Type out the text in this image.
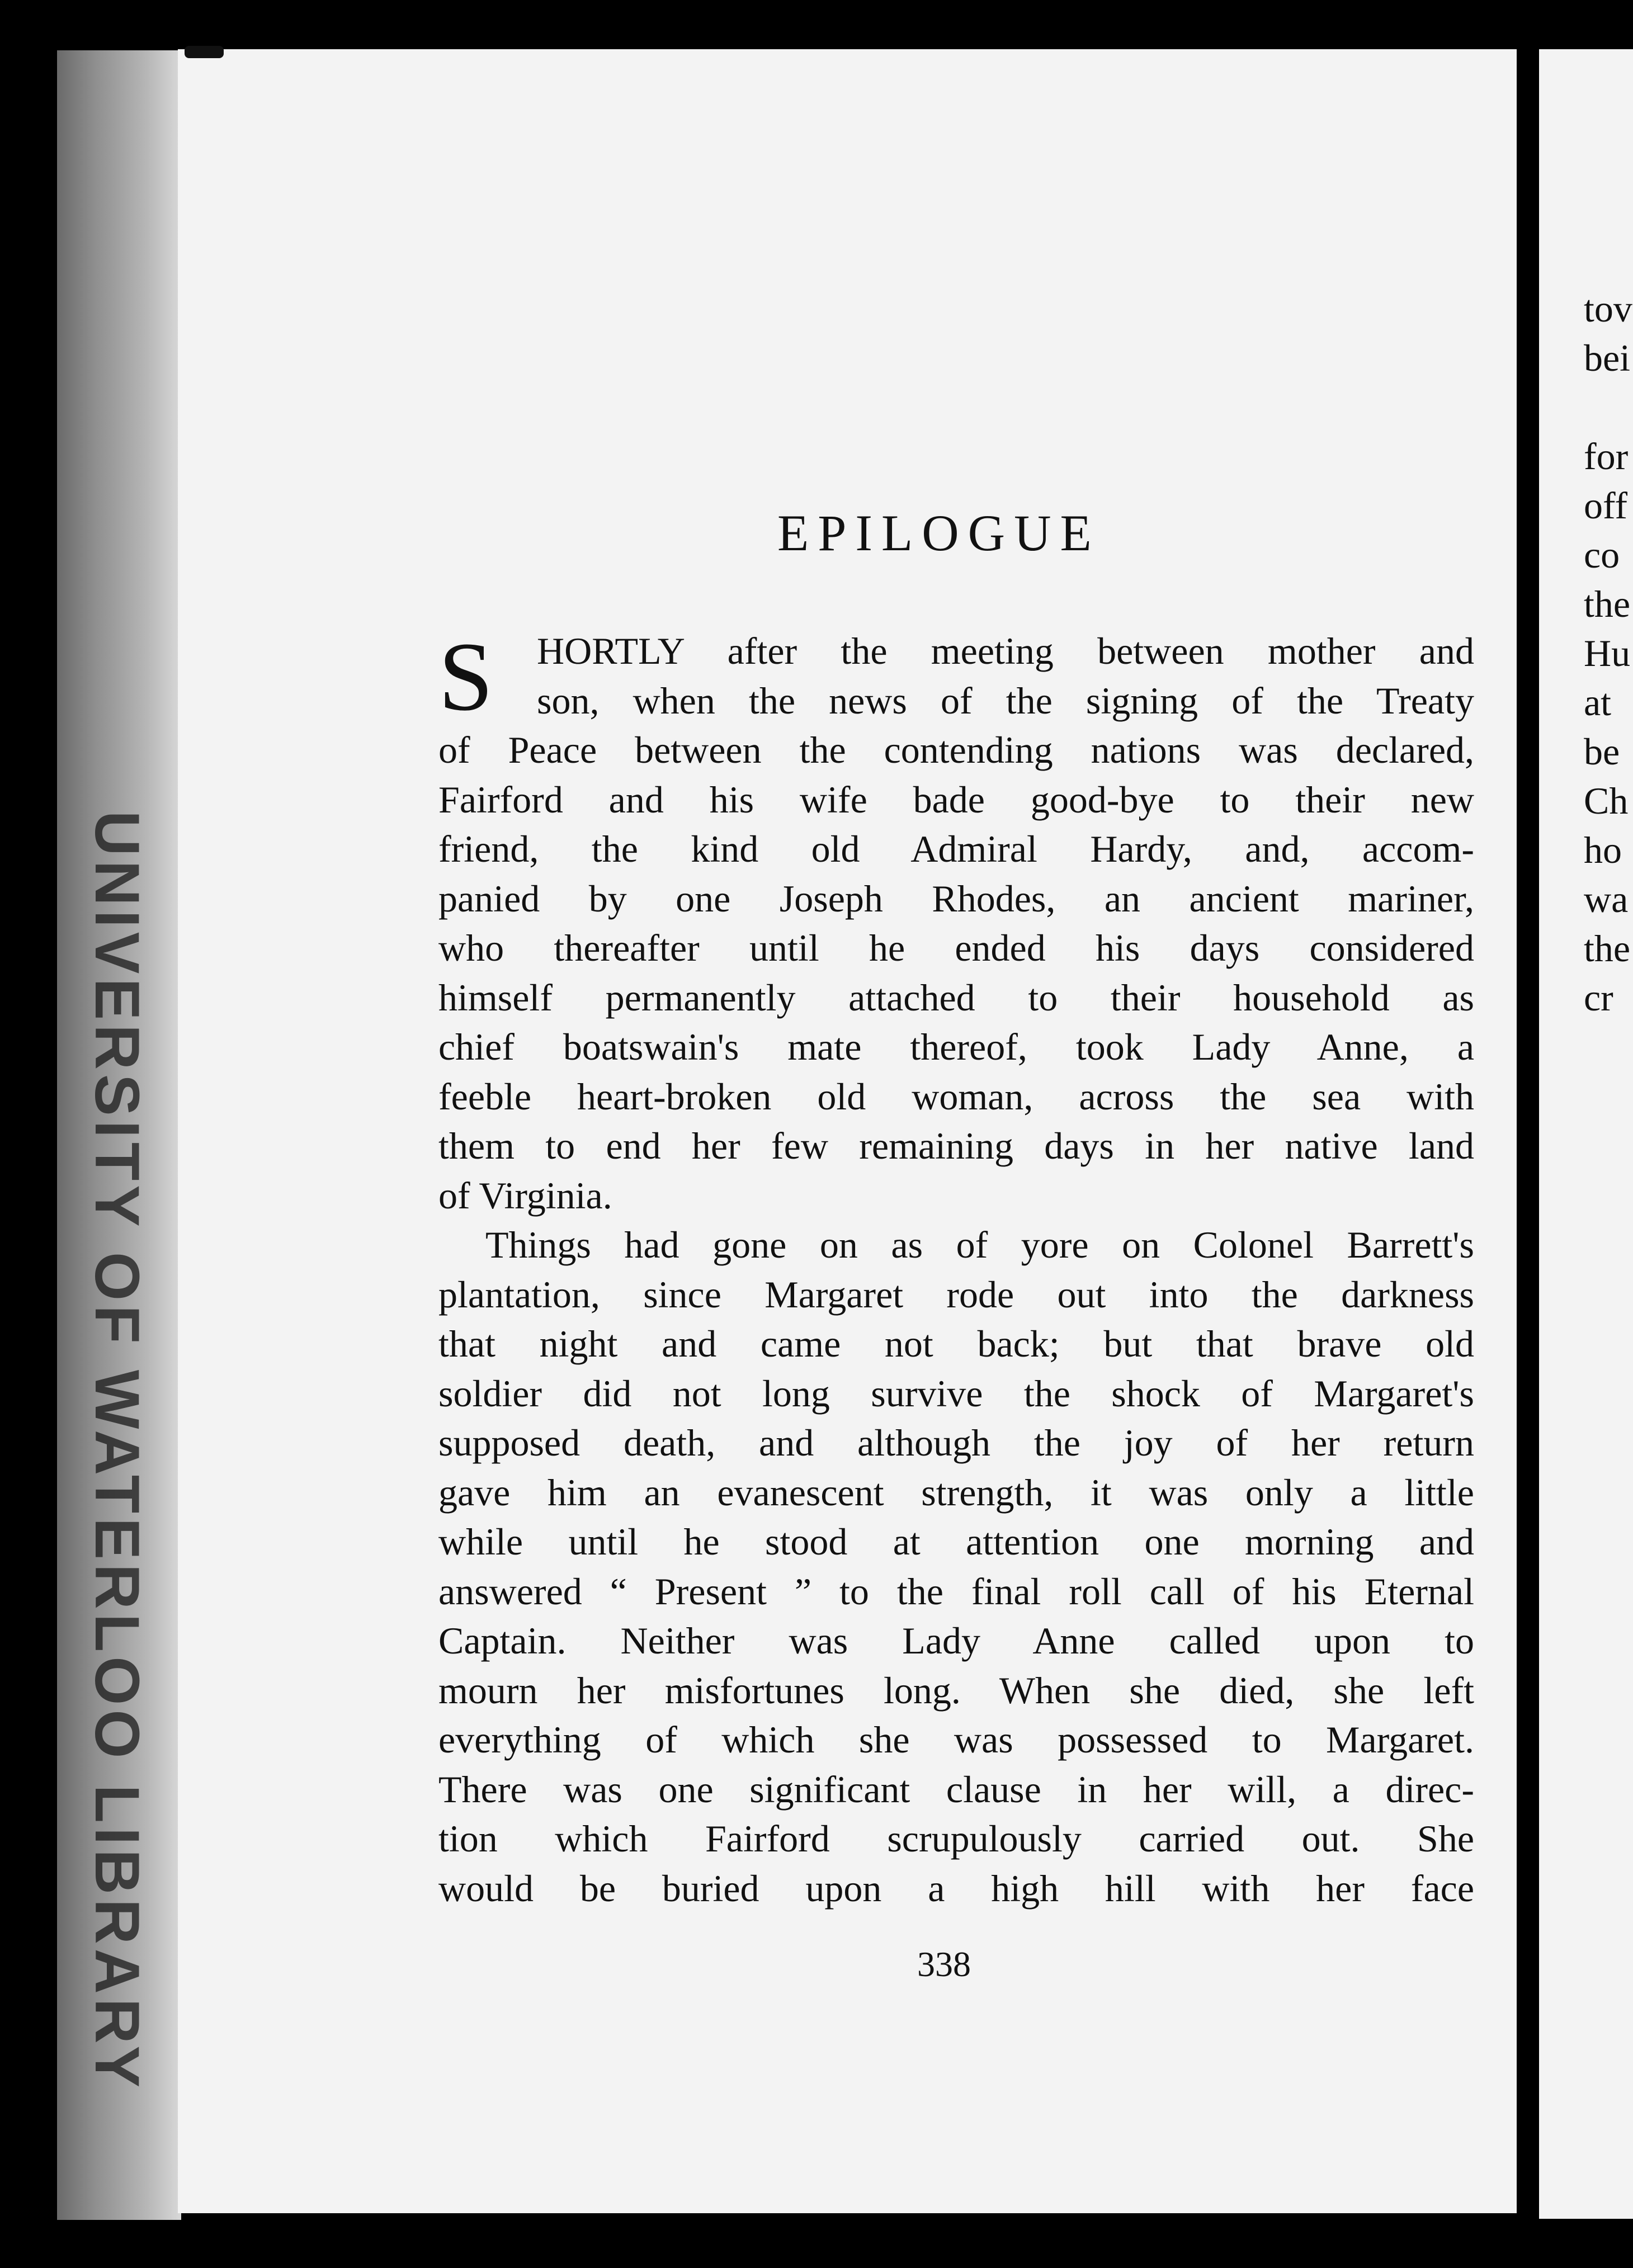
UNIVERSITY OF WATERLOO LIBRARY
EPILOGUE
S	HORTLY after the meeting between mother and
son, when the news of the signing of the Treaty
of Peace between the contending nations was declared,
Fairford and his wife bade good-bye to their new
friend, the kind old Admiral Hardy, and, accom-
panied by one Joseph Rhodes, an ancient mariner,
who thereafter until he ended his days considered
himself permanently attached to their household as
chief boatswain's mate thereof, took Lady Anne, a
feeble heart-broken old woman, across the sea with
them to end her few remaining days in her native land
of Virginia.
Things had gone on as of yore on Colonel Barrett's
plantation, since Margaret rode out into the darkness
that night and came not back; but that brave old
soldier did not long survive the shock of Margaret's
supposed death, and although the joy of her return
gave him an evanescent strength, it was only a little
while until he stood at attention one morning and
answered “ Present ” to the final roll call of his Eternal
Captain. Neither was Lady Anne called upon to
mourn her misfortunes long. When she died, she left
everything of which she was possessed to Margaret.
There was one significant clause in her will, a direc-
tion which Fairford scrupulously carried out. She
would be buried upon a high hill with her face
338
tov
bei
for
off
co
the
Hu
at
be
Ch
ho
wa
the
cr
